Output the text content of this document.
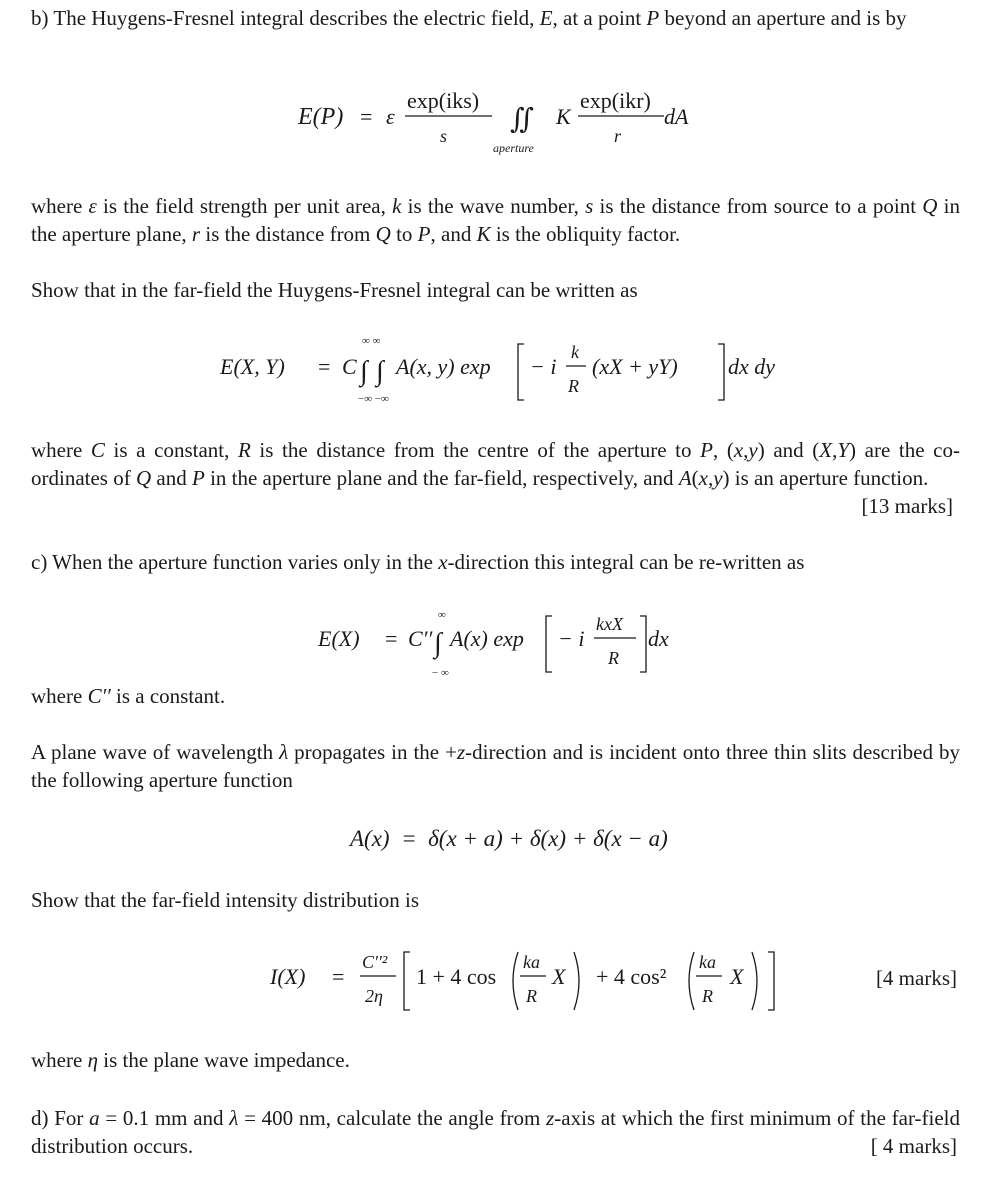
b) The Huygens-Fresnel integral describes the electric field, E, at a point P beyond an aperture and is by
E(P) = ε
exp(iks)
s
∬
aperture
K
exp(ikr)
r
dA
where ε is the field strength per unit area, k is the wave number, s is the distance from source to a point Q in the aperture plane, r is the distance from Q to P, and K is the obliquity factor.
Show that in the far-field the Huygens-Fresnel integral can be written as
E(X, Y) = C
∞ ∞
∫ ∫
−∞ −∞
A(x, y) exp − i
k
R
(xX + yY) dx dy
where C is a constant, R is the distance from the centre of the aperture to P, (x,y) and (X,Y) are the co-ordinates of Q and P in the aperture plane and the far-field, respectively, and A(x,y) is an aperture function.
[13 marks]
c) When the aperture function varies only in the x-direction this integral can be re-written as
E(X) = C′′
∞
∫
− ∞
A(x) exp − i
kxX
R
dx
where C′′ is a constant.
A plane wave of wavelength λ propagates in the +z-direction and is incident onto three thin slits described by the following aperture function
A(x)  =  δ(x + a) + δ(x) + δ(x − a)
Show that the far-field intensity distribution is
I(X) =
C′′²
2η
1 + 4 cos
ka
R
X + 4 cos²
ka
R
X	[4 marks]
where η is the plane wave impedance.
d) For a = 0.1 mm and λ = 400 nm, calculate the angle from z-axis at which the first minimum of the far-field distribution occurs.	[ 4 marks]
